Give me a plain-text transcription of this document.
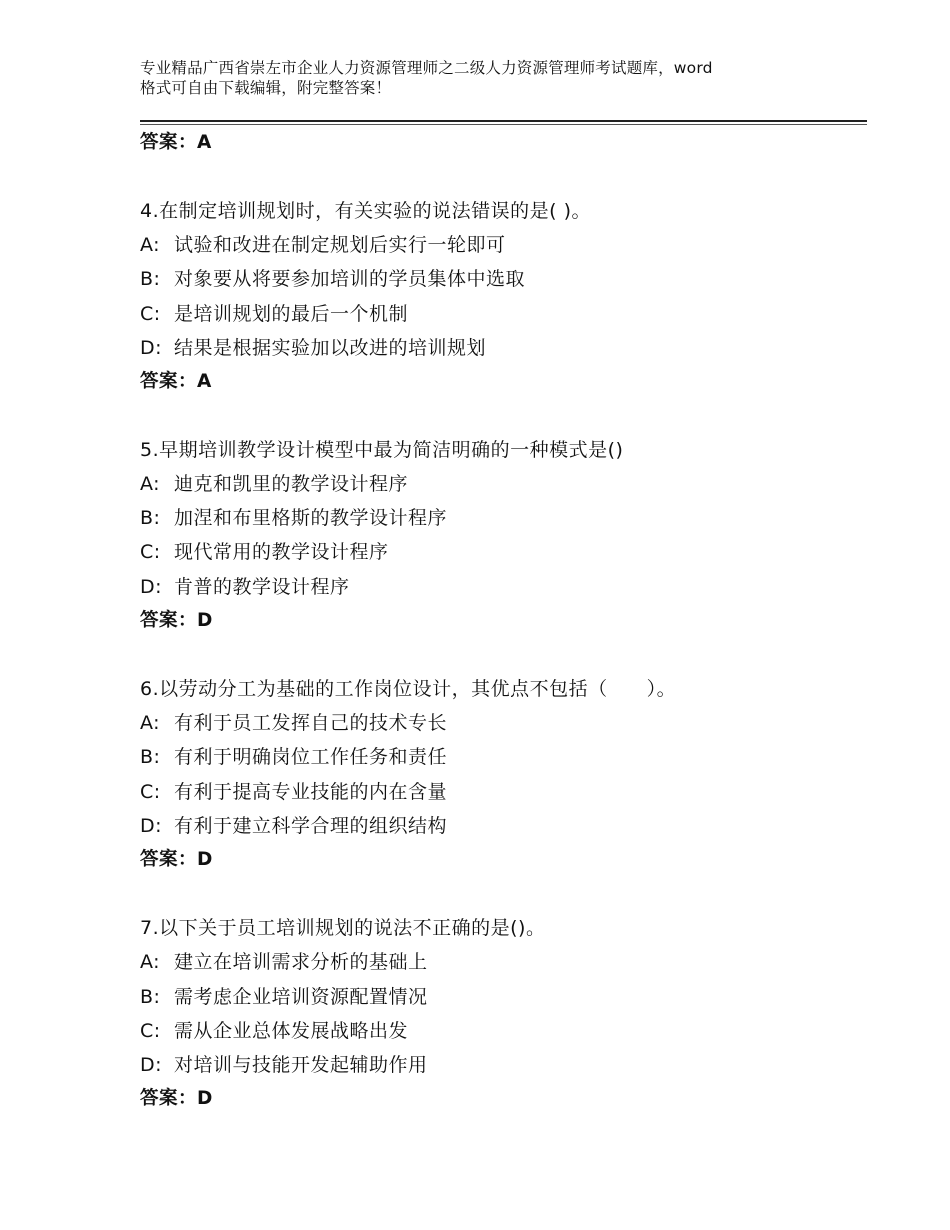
专业精品广西省崇左市企业人力资源管理师之二级人力资源管理师考试题库，word
格式可自由下载编辑，附完整答案！
答案：A
4.在制定培训规划时，有关实验的说法错误的是( )。
A: 试验和改进在制定规划后实行一轮即可
B: 对象要从将要参加培训的学员集体中选取
C: 是培训规划的最后一个机制
D: 结果是根据实验加以改进的培训规划
答案：A
5.早期培训教学设计模型中最为简洁明确的一种模式是()
A: 迪克和凯里的教学设计程序
B: 加涅和布里格斯的教学设计程序
C: 现代常用的教学设计程序
D: 肯普的教学设计程序
答案：D
6.以劳动分工为基础的工作岗位设计，其优点不包括（　　）。
A: 有利于员工发挥自己的技术专长
B: 有利于明确岗位工作任务和责任
C: 有利于提高专业技能的内在含量
D: 有利于建立科学合理的组织结构
答案：D
7.以下关于员工培训规划的说法不正确的是()。
A: 建立在培训需求分析的基础上
B: 需考虑企业培训资源配置情况
C: 需从企业总体发展战略出发
D: 对培训与技能开发起辅助作用
答案：D
